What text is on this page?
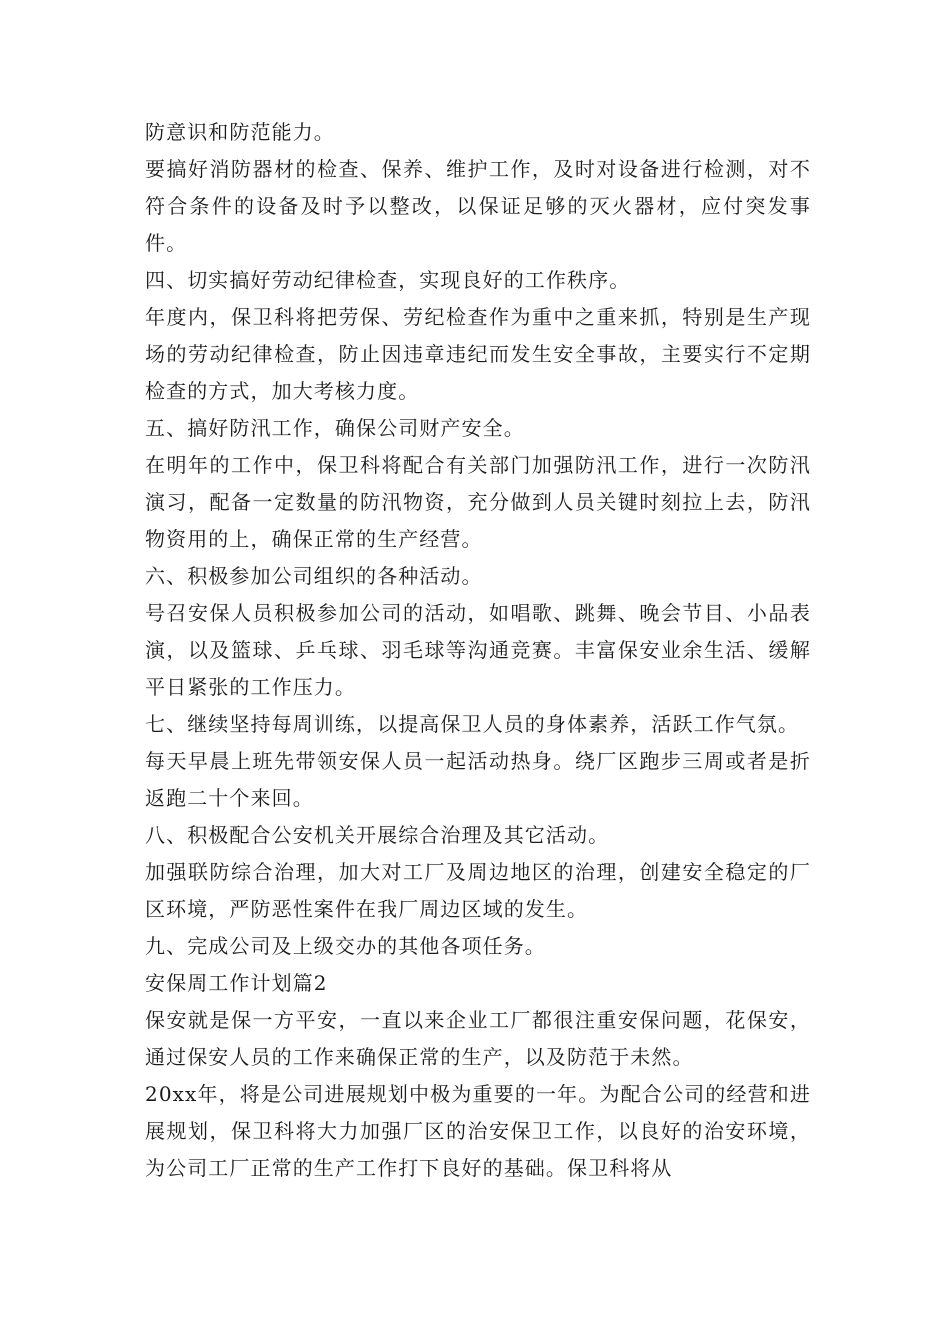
防意识和防范能力。

要搞好消防器材的检查、保养、维护工作，及时对设备进行检测，对不符合条件的设备及时予以整改，以保证足够的灭火器材，应付突发事件。

四、切实搞好劳动纪律检查，实现良好的工作秩序。

年度内，保卫科将把劳保、劳纪检查作为重中之重来抓，特别是生产现场的劳动纪律检查，防止因违章违纪而发生安全事故，主要实行不定期检查的方式，加大考核力度。

五、搞好防汛工作，确保公司财产安全。

在明年的工作中，保卫科将配合有关部门加强防汛工作，进行一次防汛演习，配备一定数量的防汛物资，充分做到人员关键时刻拉上去，防汛物资用的上，确保正常的生产经营。

六、积极参加公司组织的各种活动。

号召安保人员积极参加公司的活动，如唱歌、跳舞、晚会节目、小品表演，以及篮球、乒乓球、羽毛球等沟通竞赛。丰富保安业余生活、缓解平日紧张的工作压力。

七、继续坚持每周训练，以提高保卫人员的身体素养，活跃工作气氛。

每天早晨上班先带领安保人员一起活动热身。绕厂区跑步三周或者是折返跑二十个来回。

八、积极配合公安机关开展综合治理及其它活动。

加强联防综合治理，加大对工厂及周边地区的治理，创建安全稳定的厂区环境，严防恶性案件在我厂周边区域的发生。

九、完成公司及上级交办的其他各项任务。

安保周工作计划篇2

保安就是保一方平安，一直以来企业工厂都很注重安保问题，花保安，通过保安人员的工作来确保正常的生产，以及防范于未然。

20xx年，将是公司进展规划中极为重要的一年。为配合公司的经营和进展规划，保卫科将大力加强厂区的治安保卫工作，以良好的治安环境，为公司工厂正常的生产工作打下良好的基础。保卫科将从
